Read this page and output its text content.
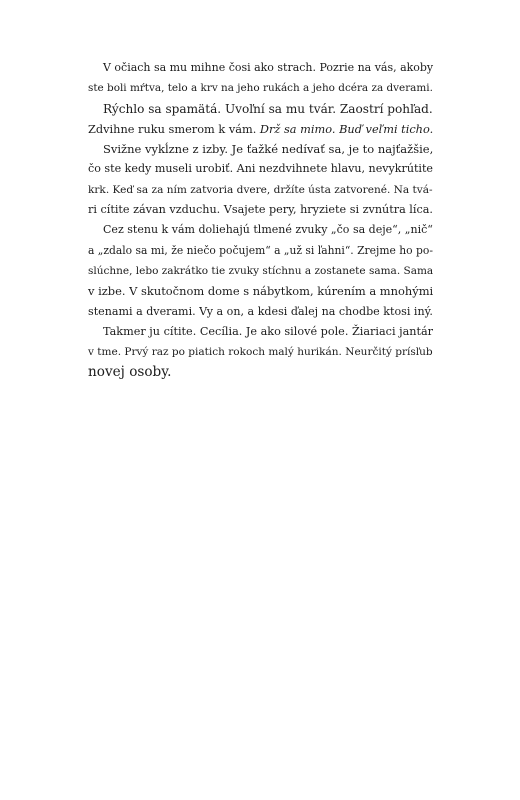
V očiach sa mu mihne čosi ako strach. Pozrie na vás, akoby
ste boli mŕtva, telo a krv na jeho rukách a jeho dcéra za dverami.

Rýchlo sa spamätá. Uvoľní sa mu tvár. Zaostrí pohľad.
Zdvihne ruku smerom k vám. Drž sa mimo. Buď veľmi ticho.

Svižne vykĺzne z izby. Je ťažké nedívať sa, je to najťažšie,
čo ste kedy museli urobiť. Ani nezdvihnete hlavu, nevykrútite
krk. Keď sa za ním zatvoria dvere, držíte ústa zatvorené. Na tvá-
ri cítite závan vzduchu. Vsajete pery, hryziete si zvnútra líca.

Cez stenu k vám doliehajú tlmené zvuky „čo sa deje“, „nič“
a „zdalo sa mi, že niečo počujem“ a „už si ľahni“. Zrejme ho po-
slúchne, lebo zakrátko tie zvuky stíchnu a zostanete sama. Sama
v izbe. V skutočnom dome s nábytkom, kúrením a mnohými
stenami a dverami. Vy a on, a kdesi ďalej na chodbe ktosi iný.

Takmer ju cítite. Cecília. Je ako silové pole. Žiariaci jantár
v tme. Prvý raz po piatich rokoch malý hurikán. Neurčitý prísľub
novej osoby.
